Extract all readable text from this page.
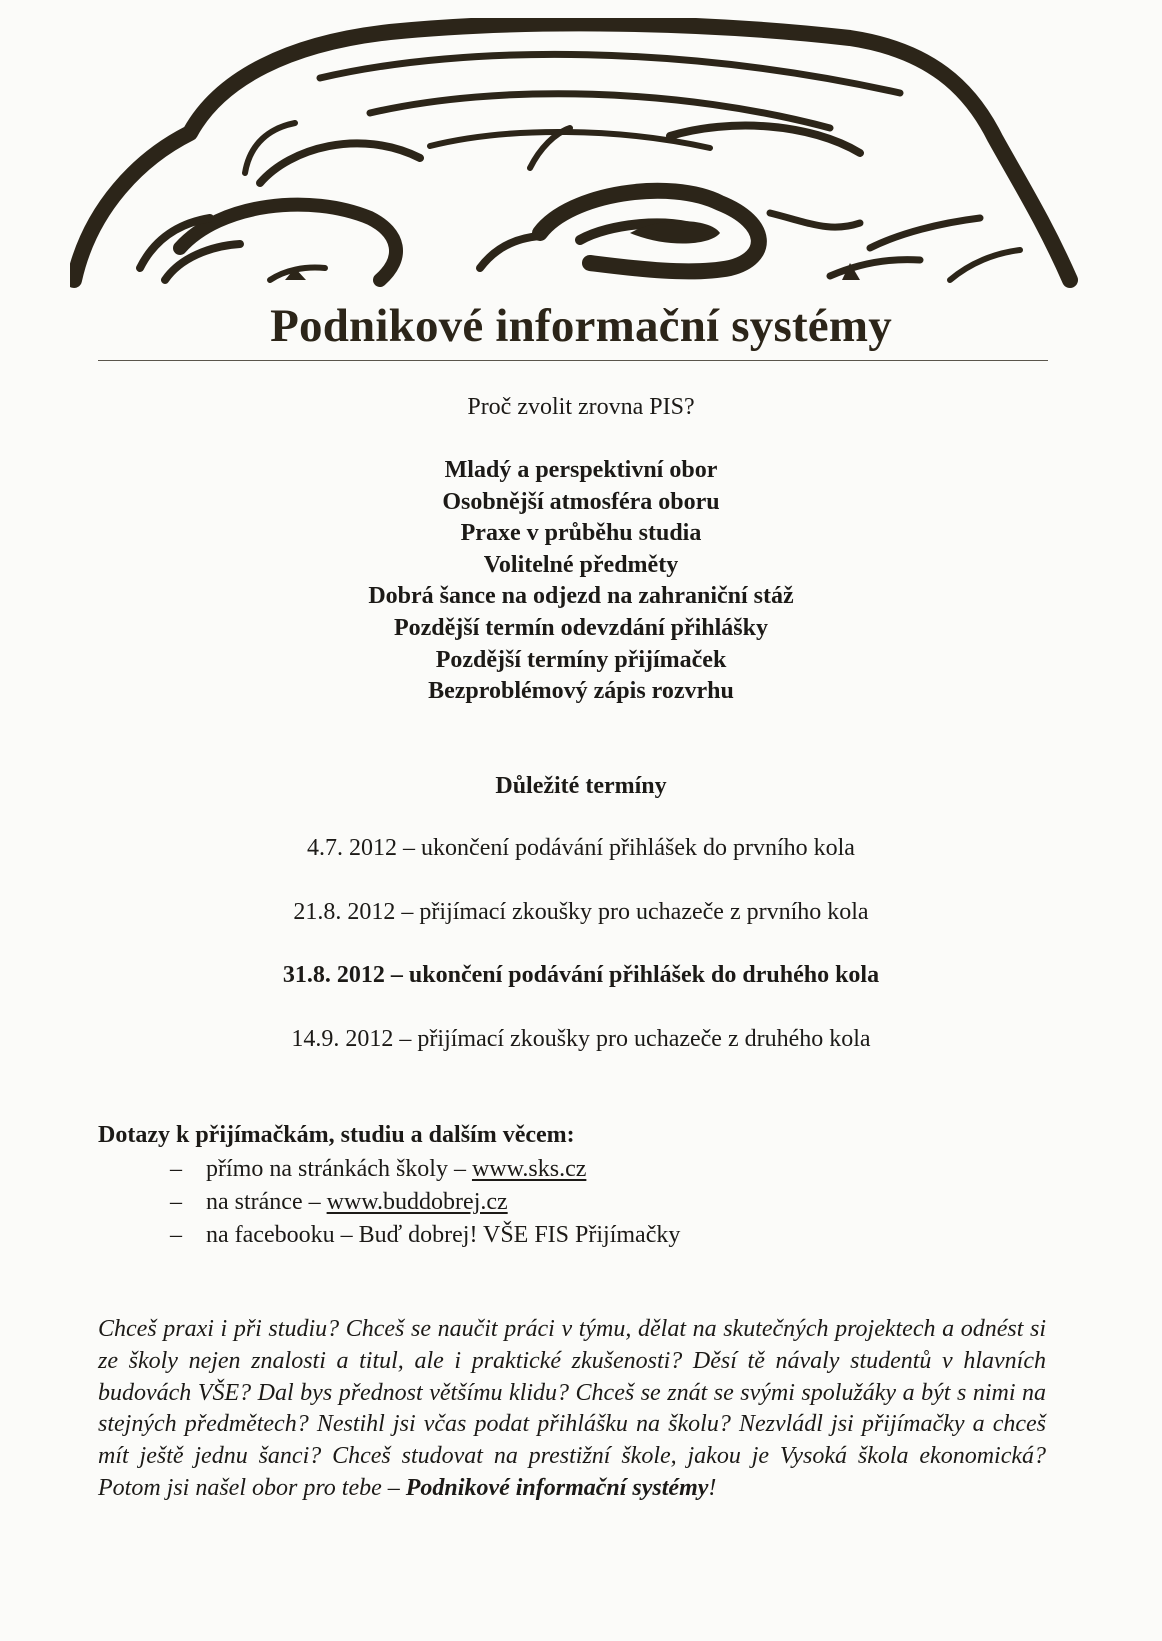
Podnikové informační systémy

Proč zvolit zrovna PIS?

Mladý a perspektivní obor
Osobnější atmosféra oboru
Praxe v průběhu studia
Volitelné předměty
Dobrá šance na odjezd na zahraniční stáž
Pozdější termín odevzdání přihlášky
Pozdější termíny přijímaček
Bezproblémový zápis rozvrhu

Důležité termíny

4.7. 2012 – ukončení podávání přihlášek do prvního kola

21.8. 2012 – přijímací zkoušky pro uchazeče z prvního kola

31.8. 2012 – ukončení podávání přihlášek do druhého kola

14.9. 2012 – přijímací zkoušky pro uchazeče z druhého kola

Dotazy k přijímačkám, studiu a dalším věcem:

– přímo na stránkách školy – www.sks.cz
– na stránce – www.buddobrej.cz
– na facebooku – Buď dobrej! VŠE FIS Přijímačky

Chceš praxi i při studiu? Chceš se naučit práci v týmu, dělat na skutečných projektech a odnést si ze školy nejen znalosti a titul, ale i praktické zkušenosti? Děsí tě návaly studentů v hlavních budovách VŠE? Dal bys přednost většímu klidu? Chceš se znát se svými spolužáky a být s nimi na stejných předmětech? Nestihl jsi včas podat přihlášku na školu? Nezvládl jsi přijímačky a chceš mít ještě jednu šanci? Chceš studovat na prestižní škole, jakou je Vysoká škola ekonomická? Potom jsi našel obor pro tebe – Podnikové informační systémy!
